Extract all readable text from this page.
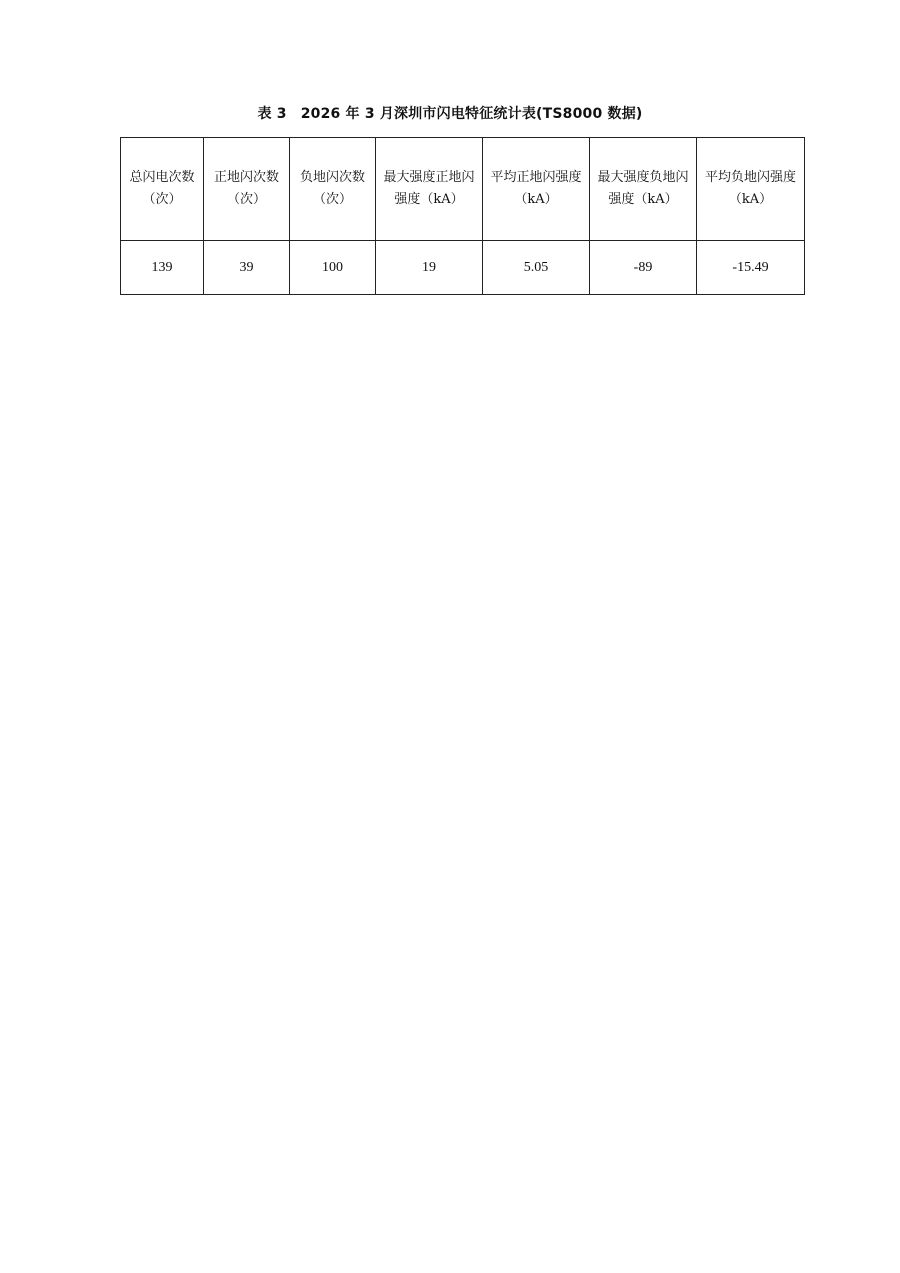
表 3 2026 年 3 月深圳市闪电特征统计表(TS8000 数据)
总闪电次数（次）	正地闪次数（次）	负地闪次数（次）	最大强度正地闪强度（kA）	平均正地闪强度（kA）	最大强度负地闪强度（kA）	平均负地闪强度（kA）
139	39	100	19	5.05	-89	-15.49
